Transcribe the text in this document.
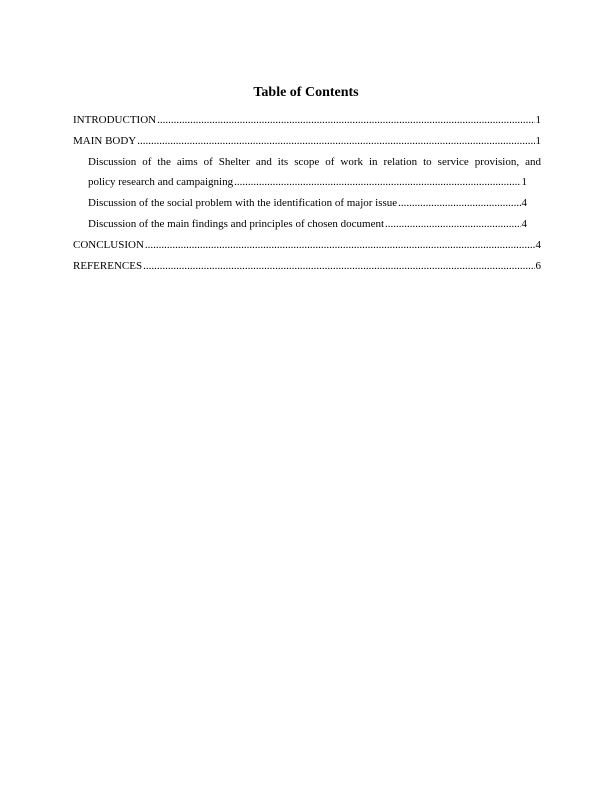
Table of Contents
INTRODUCTION .....	1
MAIN BODY .....	1
Discussion of the aims of Shelter and its scope of work in relation to service provision, and
policy research and campaigning .....	1
Discussion of the social problem with the identification of major issue .....	4
Discussion of the main findings and principles of chosen document .....	4
CONCLUSION .....	4
REFERENCES .....	6
